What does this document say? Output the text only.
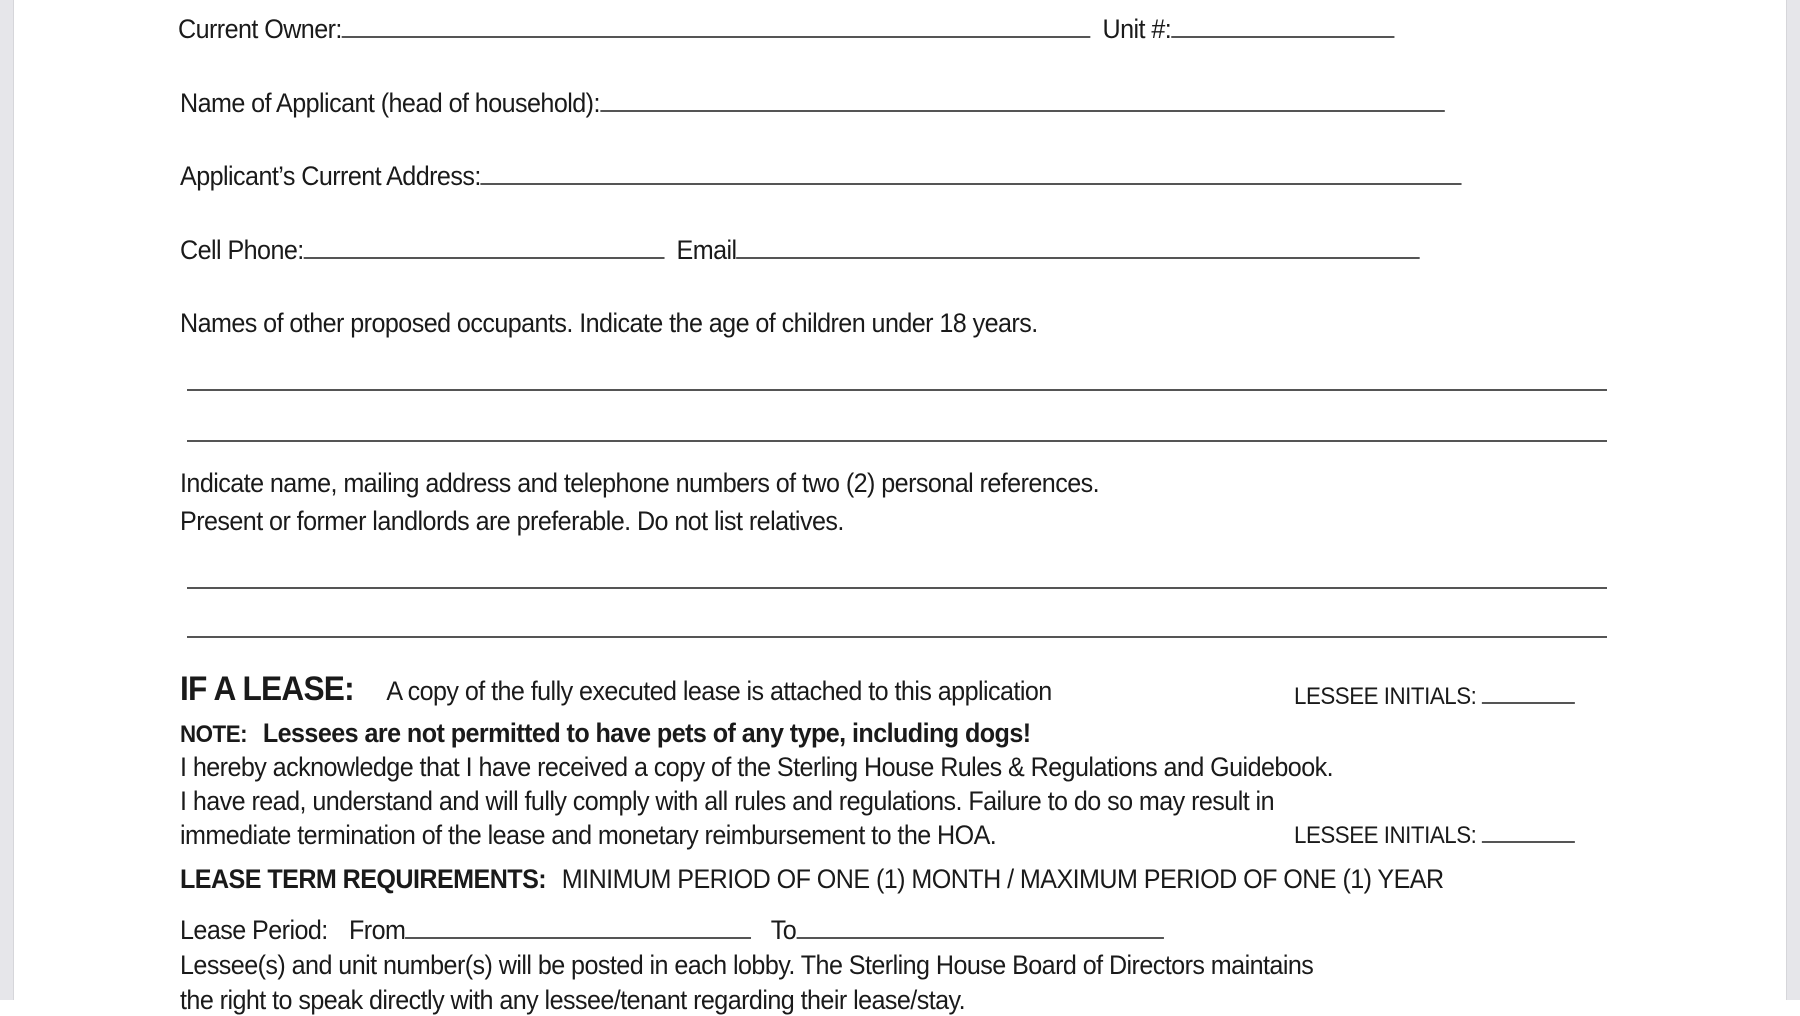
Current Owner:	Unit #:
Name of Applicant (head of household):
Applicant’s Current Address:
Cell Phone:	Email
Names of other proposed occupants. Indicate the age of children under 18 years.
Indicate name, mailing address and telephone numbers of two (2) personal references.
Present or former landlords are preferable. Do not list relatives.
IF A LEASE: A copy of the fully executed lease is attached to this application	LESSEE INITIALS:
NOTE: Lessees are not permitted to have pets of any type, including dogs!
I hereby acknowledge that I have received a copy of the Sterling House Rules & Regulations and Guidebook.
I have read, understand and will fully comply with all rules and regulations. Failure to do so may result in
immediate termination of the lease and monetary reimbursement to the HOA.	LESSEE INITIALS:
LEASE TERM REQUIREMENTS: MINIMUM PERIOD OF ONE (1) MONTH / MAXIMUM PERIOD OF ONE (1) YEAR
Lease Period: From	To
Lessee(s) and unit number(s) will be posted in each lobby. The Sterling House Board of Directors maintains
the right to speak directly with any lessee/tenant regarding their lease/stay.
